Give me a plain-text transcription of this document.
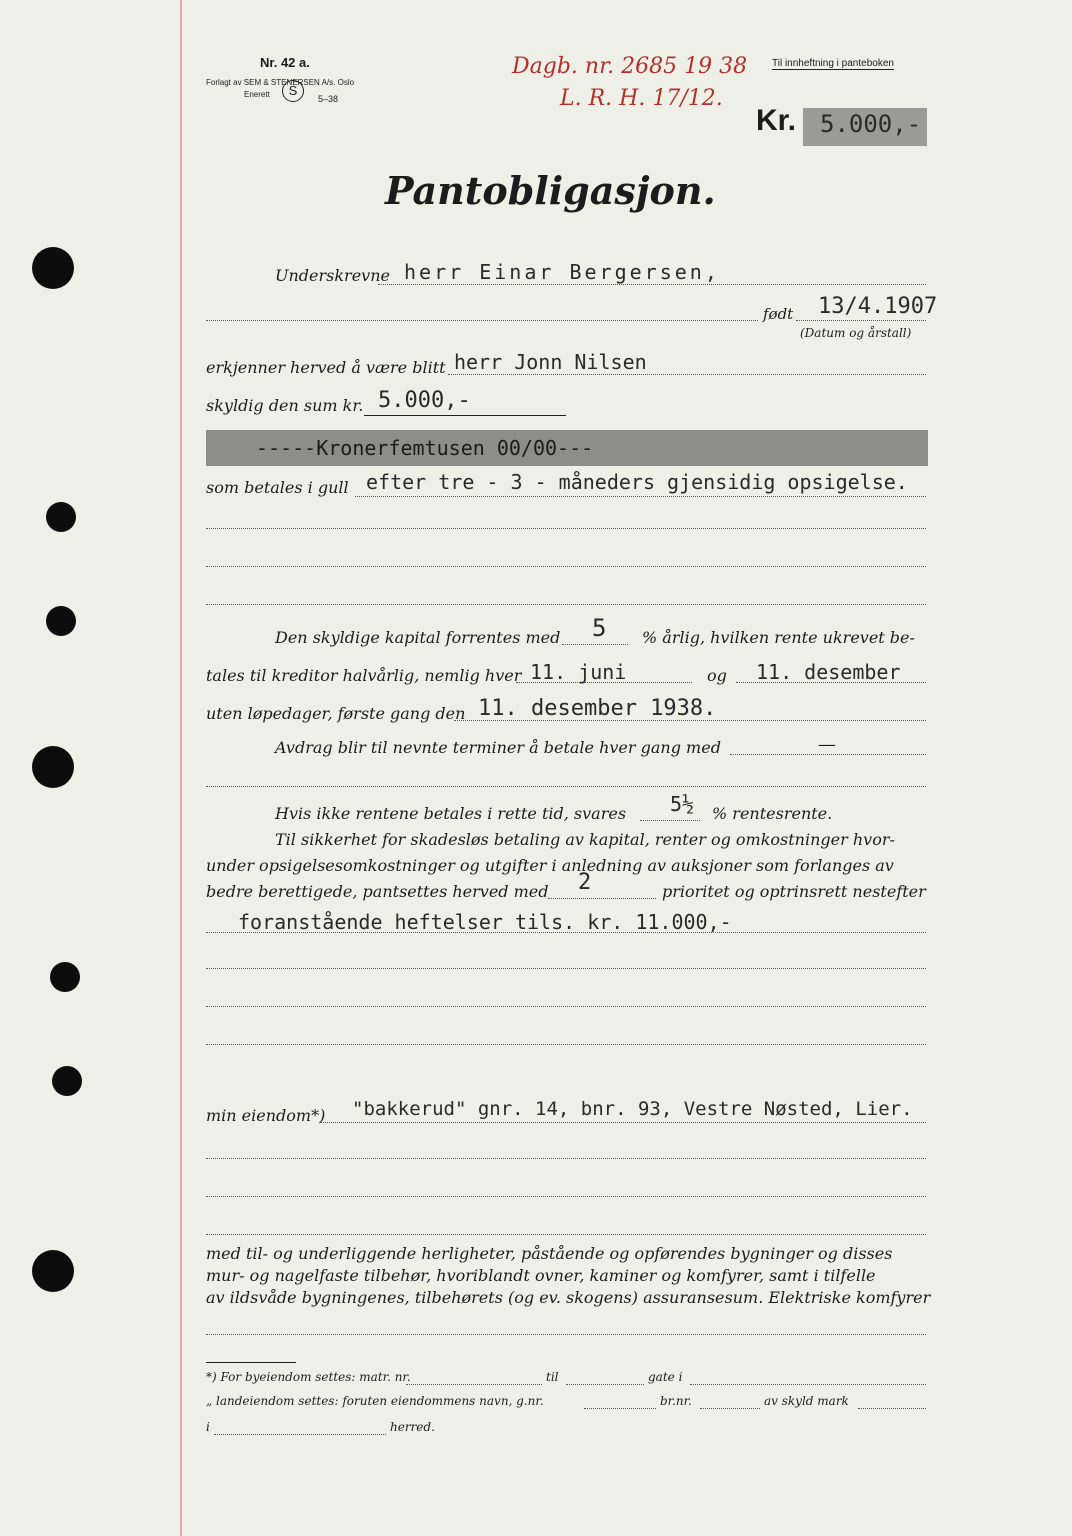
Nr. 42 a.
Forlagt av SEM & STENERSEN A/s. Oslo
Enerett	5–38
S
Dagb. nr. 2685 19 38
L. R. H. 17/12.
Til innheftning i panteboken
Kr. 5.000,-
Pantobligasjon.
Underskrevne herr Einar Bergersen,
født 13/4.1907
(Datum og årstall)
erkjenner herved å være blitt herr Jonn Nilsen
skyldig den sum kr. 5.000,-
-----Kronerfemtusen 00/00---
som betales i gull efter tre - 3 - måneders gjensidig opsigelse.
Den skyldige kapital forrentes med 5 % årlig, hvilken rente ukrevet be-
tales til kreditor halvårlig, nemlig hver 11. juni	og 11. desember
uten løpedager, første gang den 11. desember 1938.
Avdrag blir til nevnte terminer å betale hver gang med	—
Hvis ikke rentene betales i rette tid, svares 5½ % rentesrente.
Til sikkerhet for skadesløs betaling av kapital, renter og omkostninger hvor-
under opsigelsesomkostninger og utgifter i anledning av auksjoner som forlanges av
bedre berettigede, pantsettes herved med 2	prioritet og optrinsrett nestefter
foranstående heftelser tils. kr. 11.000,-
min eiendom*) "bakkerud" gnr. 14, bnr. 93, Vestre Nøsted, Lier.
med til- og underliggende herligheter, påstående og opførendes bygninger og disses
mur- og nagelfaste tilbehør, hvoriblandt ovner, kaminer og komfyrer, samt i tilfelle
av ildsvåde bygningenes, tilbehørets (og ev. skogens) assuransesum. Elektriske komfyrer
*) For byeiendom settes: matr. nr.	til	gate i
„ landeiendom settes: foruten eiendommens navn, g.nr.	br.nr.	av skyld mark
i	herred.
